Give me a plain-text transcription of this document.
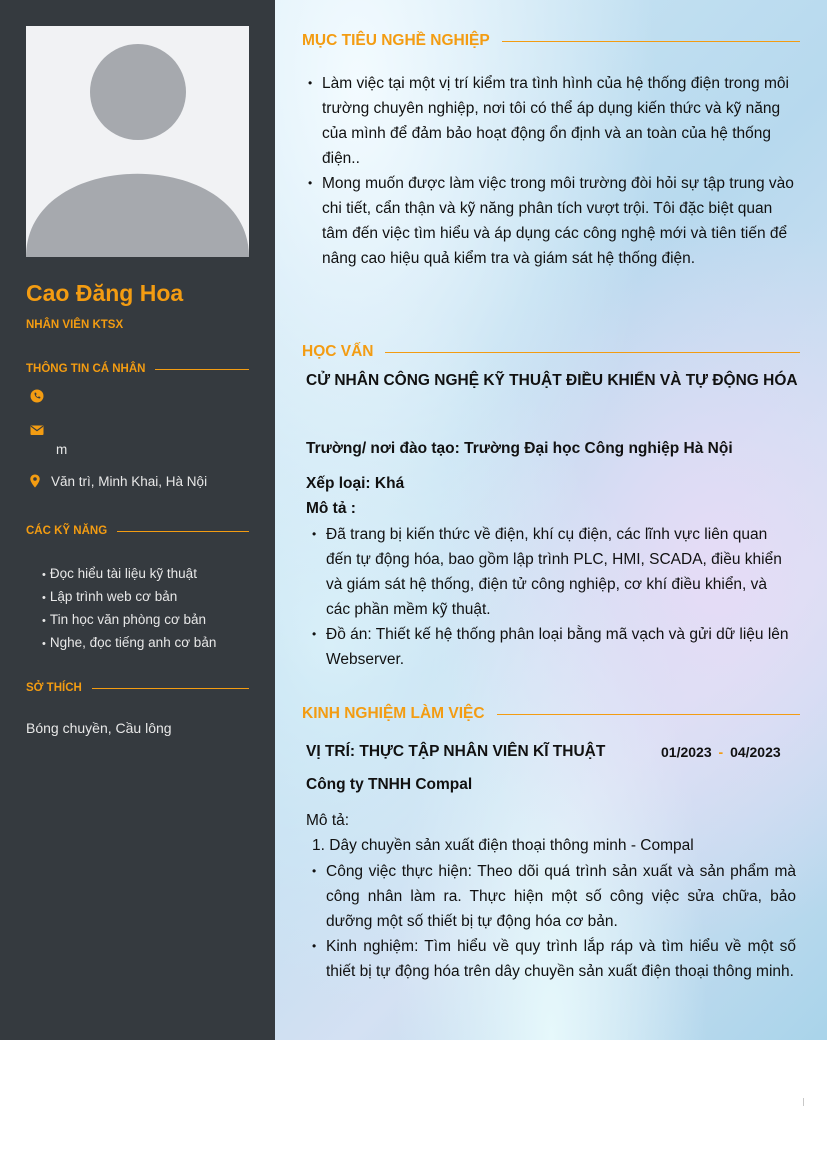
Cao Đăng Hoa
NHÂN VIÊN KTSX
THÔNG TIN CÁ NHÂN
m
Văn trì, Minh Khai, Hà Nội
CÁC KỸ NĂNG
• Đọc hiểu tài liệu kỹ thuật
• Lập trình web cơ bản
• Tin học văn phòng cơ bản
• Nghe, đọc tiếng anh cơ bản
SỞ THÍCH
Bóng chuyền, Cầu lông
MỤC TIÊU NGHỀ NGHIỆP
• Làm việc tại một vị trí kiểm tra tình hình của hệ thống điện trong môi trường chuyên nghiệp, nơi tôi có thể áp dụng kiến thức và kỹ năng của mình để đảm bảo hoạt động ổn định và an toàn của hệ thống điện..
• Mong muốn được làm việc trong môi trường đòi hỏi sự tập trung vào chi tiết, cẩn thận và kỹ năng phân tích vượt trội. Tôi đặc biệt quan tâm đến việc tìm hiểu và áp dụng các công nghệ mới và tiên tiến để nâng cao hiệu quả kiểm tra và giám sát hệ thống điện.
HỌC VẤN
CỬ NHÂN CÔNG NGHỆ KỸ THUẬT ĐIỀU KHIỂN VÀ TỰ ĐỘNG HÓA
Trường/ nơi đào tạo: Trường Đại học Công nghiệp Hà Nội
Xếp loại: Khá
Mô tả :
• Đã trang bị kiến thức về điện, khí cụ điện, các lĩnh vực liên quan đến tự động hóa, bao gồm lập trình PLC, HMI, SCADA, điều khiển và giám sát hệ thống, điện tử công nghiệp, cơ khí điều khiển, và các phần mềm kỹ thuật.
• Đồ án: Thiết kế hệ thống phân loại bằng mã vạch và gửi dữ liệu lên Webserver.
KINH NGHIỆM LÀM VIỆC
VỊ TRÍ: THỰC TẬP NHÂN VIÊN KĨ THUẬT	01/2023 - 04/2023
Công ty TNHH Compal
Mô tả:
1. Dây chuyền sản xuất điện thoại thông minh - Compal
• Công việc thực hiện: Theo dõi quá trình sản xuất và sản phẩm mà công nhân làm ra. Thực hiện một số công việc sửa chữa, bảo dưỡng một số thiết bị tự động hóa cơ bản.
• Kinh nghiệm: Tìm hiểu về quy trình lắp ráp và tìm hiểu về một số thiết bị tự động hóa trên dây chuyền sản xuất điện thoại thông minh.
